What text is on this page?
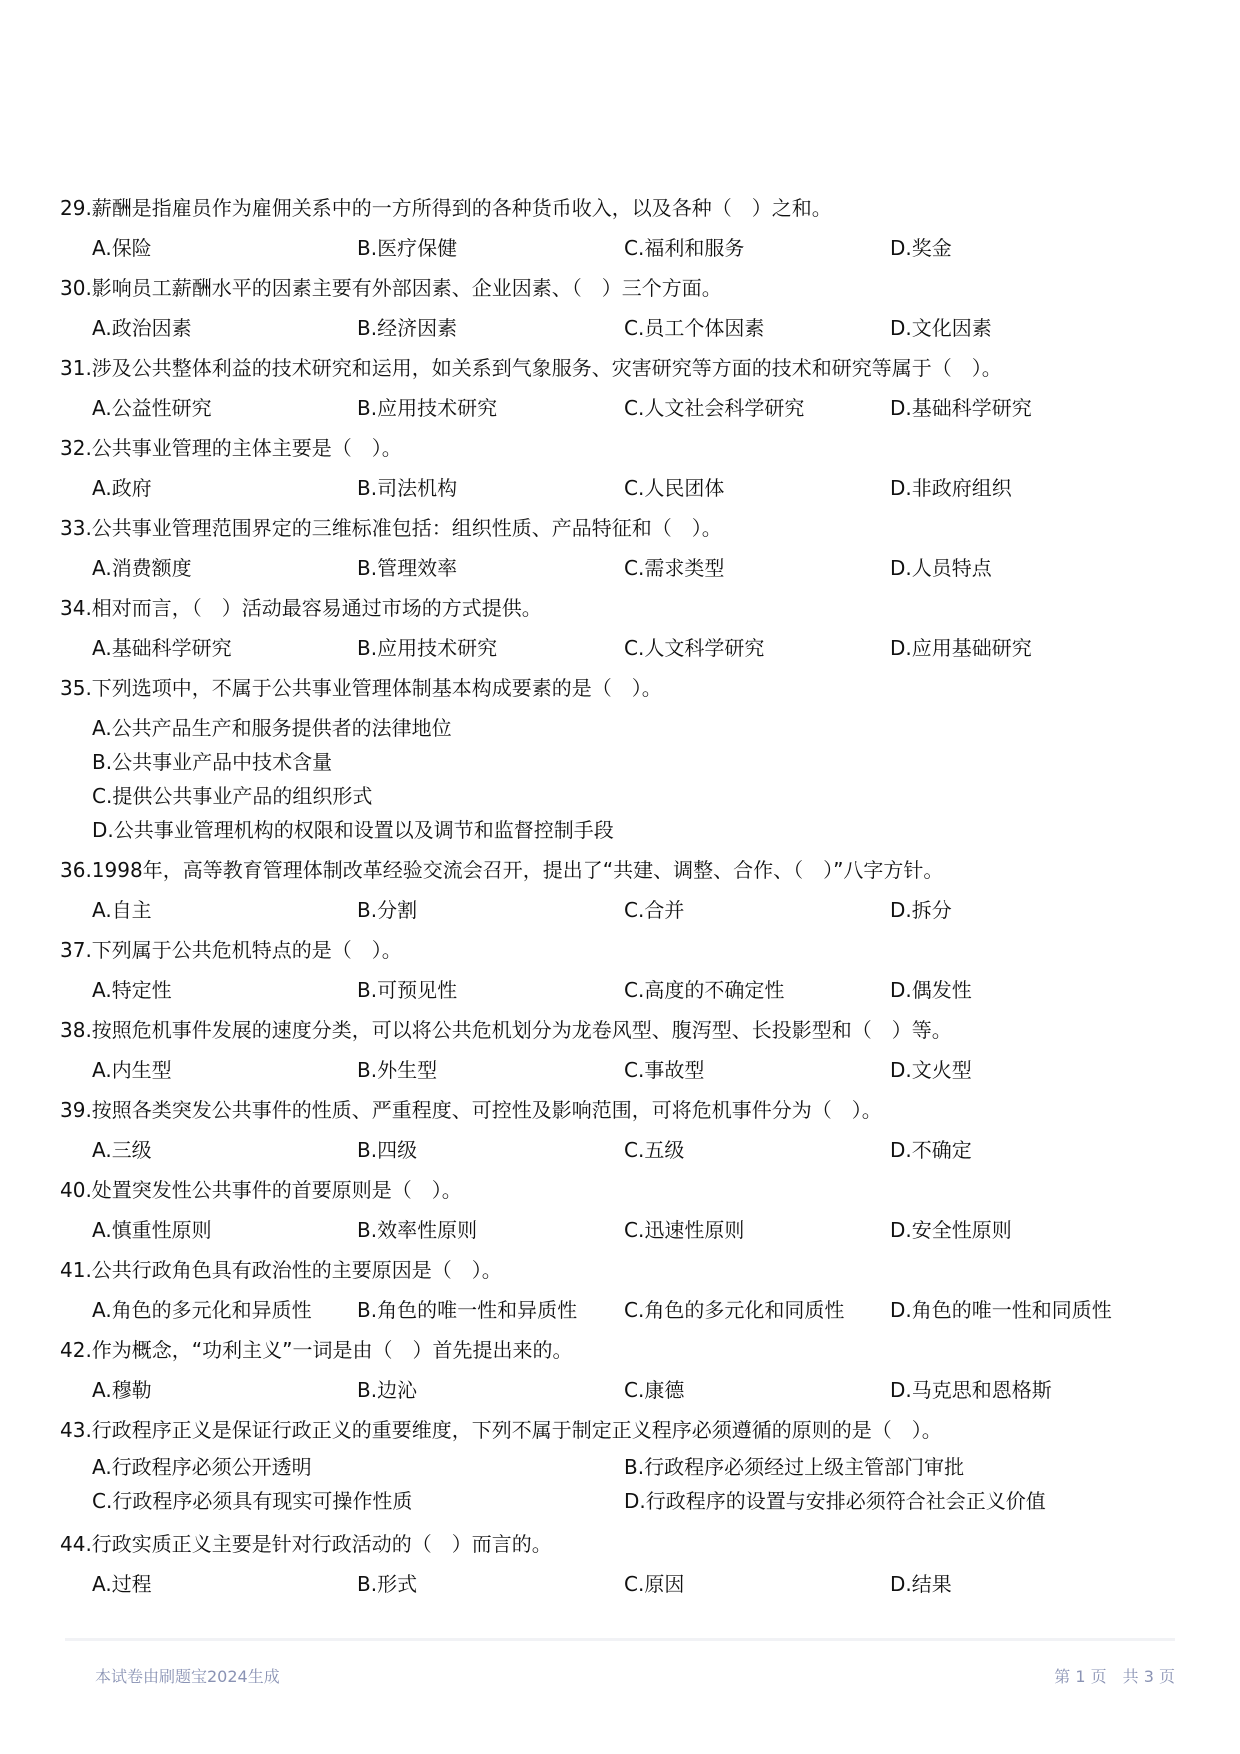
29.薪酬是指雇员作为雇佣关系中的一方所得到的各种货币收入，以及各种（　）之和。
A.保险	B.医疗保健	C.福利和服务	D.奖金
30.影响员工薪酬水平的因素主要有外部因素、企业因素、（　）三个方面。
A.政治因素	B.经济因素	C.员工个体因素	D.文化因素
31.涉及公共整体利益的技术研究和运用，如关系到气象服务、灾害研究等方面的技术和研究等属于（　）。
A.公益性研究	B.应用技术研究	C.人文社会科学研究	D.基础科学研究
32.公共事业管理的主体主要是（　）。
A.政府	B.司法机构	C.人民团体	D.非政府组织
33.公共事业管理范围界定的三维标准包括：组织性质、产品特征和（　）。
A.消费额度	B.管理效率	C.需求类型	D.人员特点
34.相对而言，（　）活动最容易通过市场的方式提供。
A.基础科学研究	B.应用技术研究	C.人文科学研究	D.应用基础研究
35.下列选项中，不属于公共事业管理体制基本构成要素的是（　）。
A.公共产品生产和服务提供者的法律地位
B.公共事业产品中技术含量
C.提供公共事业产品的组织形式
D.公共事业管理机构的权限和设置以及调节和监督控制手段
36.1998年，高等教育管理体制改革经验交流会召开，提出了“共建、调整、合作、（　）”八字方针。
A.自主	B.分割	C.合并	D.拆分
37.下列属于公共危机特点的是（　）。
A.特定性	B.可预见性	C.高度的不确定性	D.偶发性
38.按照危机事件发展的速度分类，可以将公共危机划分为龙卷风型、腹泻型、长投影型和（　）等。
A.内生型	B.外生型	C.事故型	D.文火型
39.按照各类突发公共事件的性质、严重程度、可控性及影响范围，可将危机事件分为（　）。
A.三级	B.四级	C.五级	D.不确定
40.处置突发性公共事件的首要原则是（　）。
A.慎重性原则	B.效率性原则	C.迅速性原则	D.安全性原则
41.公共行政角色具有政治性的主要原因是（　）。
A.角色的多元化和异质性 B.角色的唯一性和异质性 C.角色的多元化和同质性 D.角色的唯一性和同质性
42.作为概念，“功利主义”一词是由（　）首先提出来的。
A.穆勒	B.边沁	C.康德	D.马克思和恩格斯
43.行政程序正义是保证行政正义的重要维度，下列不属于制定正义程序必须遵循的原则的是（　）。
A.行政程序必须公开透明	B.行政程序必须经过上级主管部门审批
C.行政程序必须具有现实可操作性质	D.行政程序的设置与安排必须符合社会正义价值
44.行政实质正义主要是针对行政活动的（　）而言的。
A.过程	B.形式	C.原因	D.结果
本试卷由刷题宝2024生成	第 1 页　共 3 页
